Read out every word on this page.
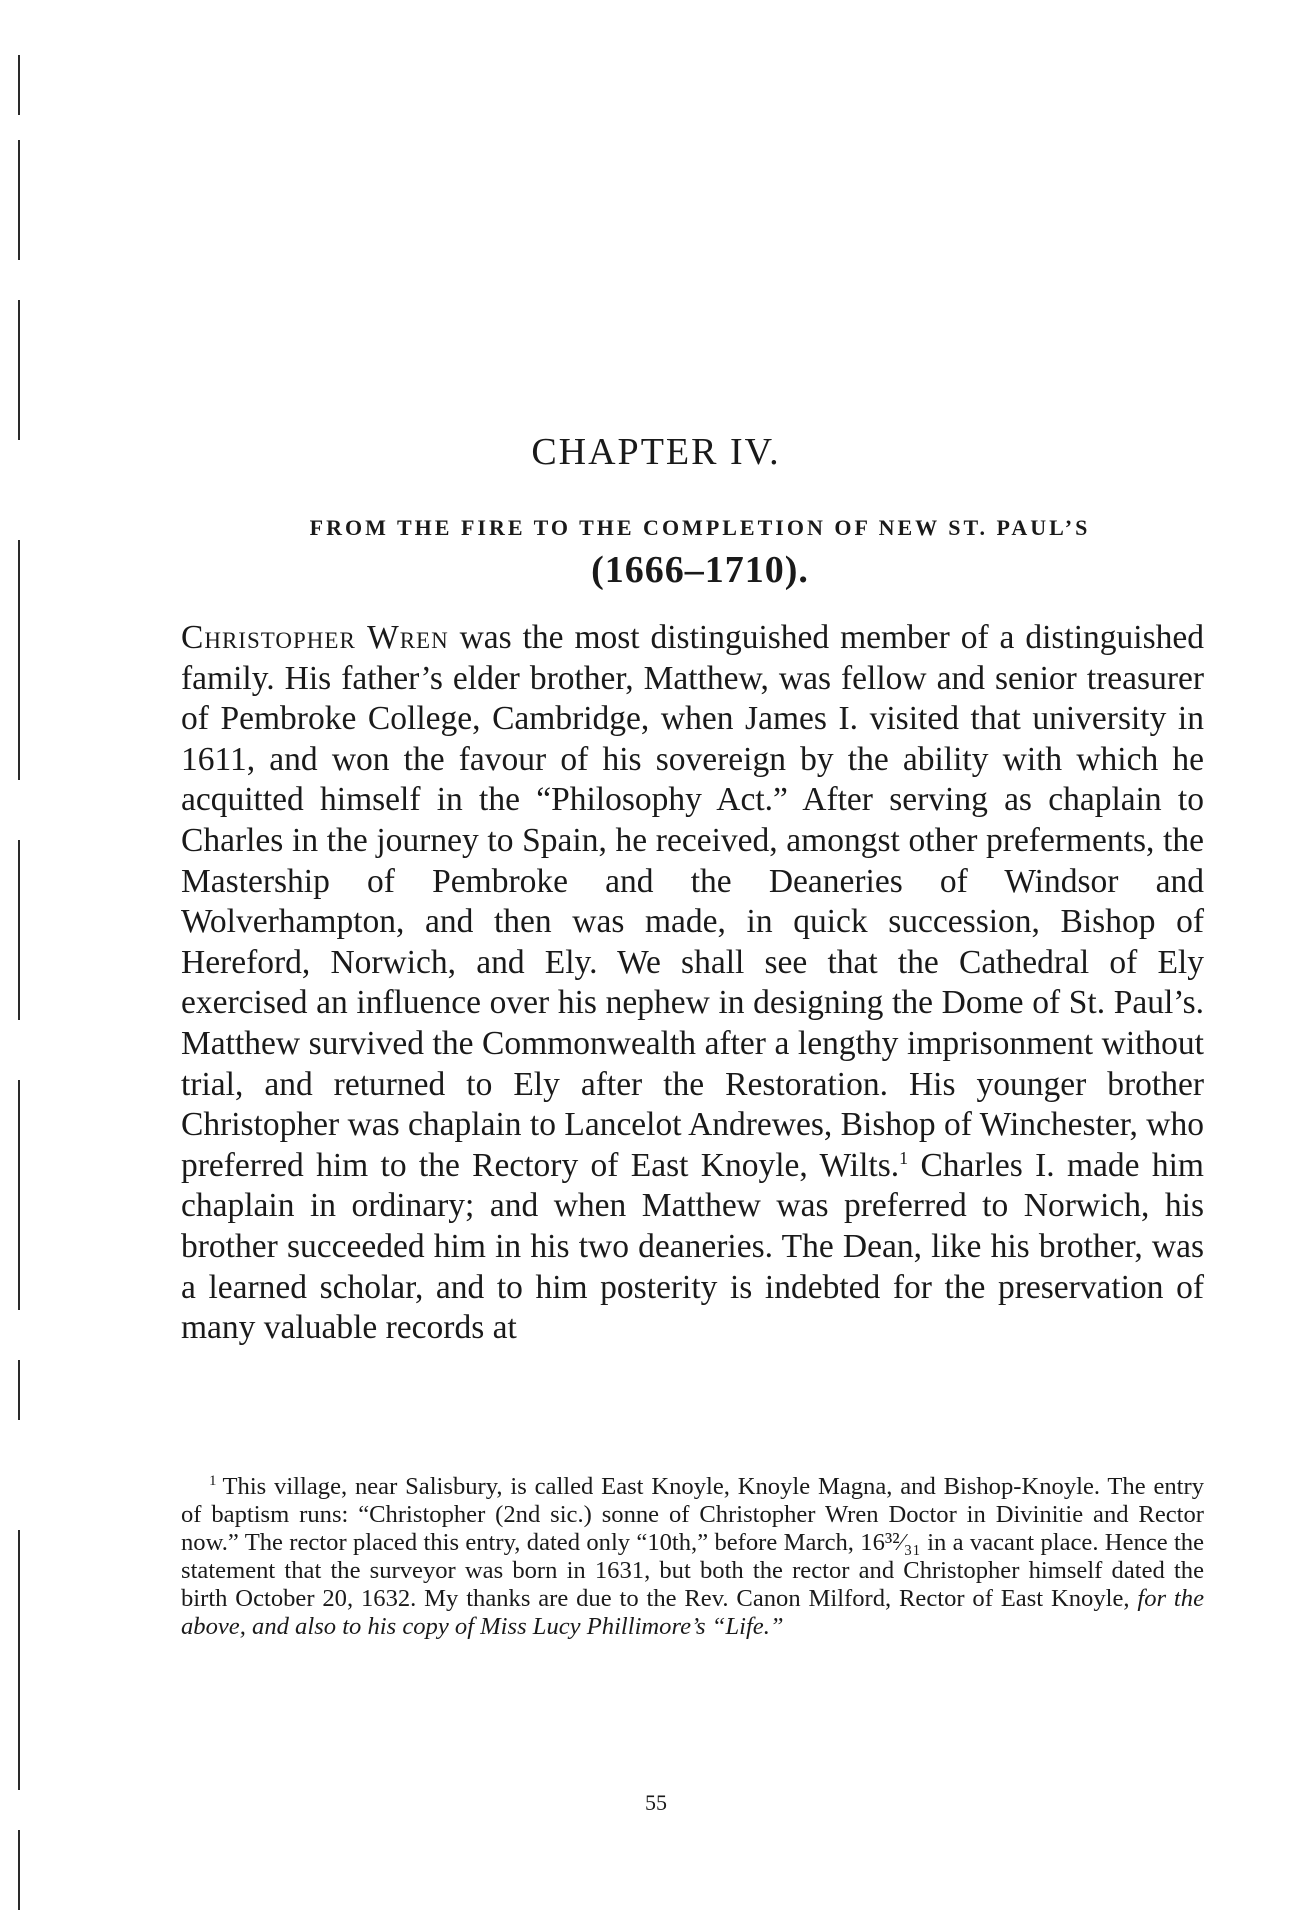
CHAPTER IV.
FROM THE FIRE TO THE COMPLETION OF NEW ST. PAUL’S
(1666–1710).

Christopher Wren was the most distinguished member of a distinguished family. His father’s elder brother, Matthew, was fellow and senior treasurer of Pembroke College, Cambridge, when James I. visited that university in 1611, and won the favour of his sovereign by the ability with which he acquitted himself in the “Philosophy Act.” After serving as chaplain to Charles in the journey to Spain, he received, amongst other preferments, the Mastership of Pembroke and the Deaneries of Windsor and Wolverhampton, and then was made, in quick succession, Bishop of Hereford, Norwich, and Ely. We shall see that the Cathedral of Ely exercised an influence over his nephew in designing the Dome of St. Paul’s. Matthew survived the Commonwealth after a lengthy imprisonment without trial, and returned to Ely after the Restoration. His younger brother Christopher was chaplain to Lancelot Andrewes, Bishop of Winchester, who preferred him to the Rectory of East Knoyle, Wilts.$^1$ Charles I. made him chaplain in ordinary; and when Matthew was preferred to Norwich, his brother succeeded him in his two deaneries. The Dean, like his brother, was a learned scholar, and to him posterity is indebted for the preservation of many valuable records at

$^1$ This village, near Salisbury, is called East Knoyle, Knoyle Magna, and Bishop-Knoyle. The entry of baptism runs: “Christopher (2nd sic.) sonne of Christopher Wren Doctor in Divinitie and Rector now.” The rector placed this entry, dated only “10th,” before March, 16³²⁄₃₁ in a vacant place. Hence the statement that the surveyor was born in 1631, but both the rector and Christopher himself dated the birth October 20, 1632. My thanks are due to the Rev. Canon Milford, Rector of East Knoyle, for the above, and also to his copy of Miss Lucy Phillimore’s “Life.”

55
